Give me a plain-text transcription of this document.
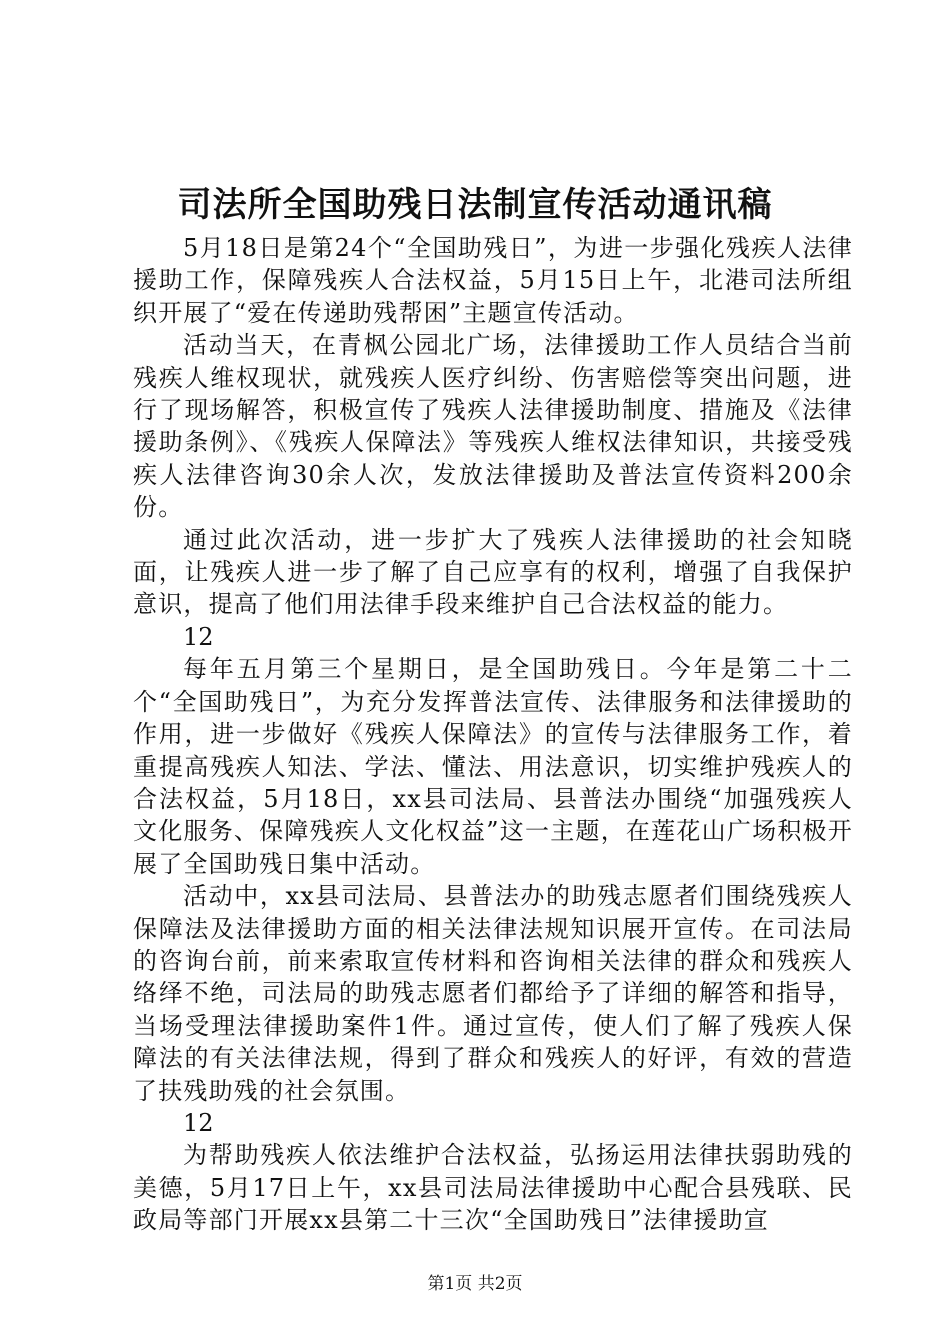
司法所全国助残日法制宣传活动通讯稿

5月18日是第24个“全国助残日”，为进一步强化残疾人法律援助工作，保障残疾人合法权益，5月15日上午，北港司法所组织开展了“爱在传递助残帮困”主题宣传活动。

活动当天，在青枫公园北广场，法律援助工作人员结合当前残疾人维权现状，就残疾人医疗纠纷、伤害赔偿等突出问题，进行了现场解答，积极宣传了残疾人法律援助制度、措施及《法律援助条例》、《残疾人保障法》等残疾人维权法律知识，共接受残疾人法律咨询30余人次，发放法律援助及普法宣传资料200余份。

通过此次活动，进一步扩大了残疾人法律援助的社会知晓面，让残疾人进一步了解了自己应享有的权利，增强了自我保护意识，提高了他们用法律手段来维护自己合法权益的能力。

12

每年五月第三个星期日，是全国助残日。今年是第二十二个“全国助残日”，为充分发挥普法宣传、法律服务和法律援助的作用，进一步做好《残疾人保障法》的宣传与法律服务工作，着重提高残疾人知法、学法、懂法、用法意识，切实维护残疾人的合法权益，5月18日，xx县司法局、县普法办围绕“加强残疾人文化服务、保障残疾人文化权益”这一主题，在莲花山广场积极开展了全国助残日集中活动。

活动中，xx县司法局、县普法办的助残志愿者们围绕残疾人保障法及法律援助方面的相关法律法规知识展开宣传。在司法局的咨询台前，前来索取宣传材料和咨询相关法律的群众和残疾人络绎不绝，司法局的助残志愿者们都给予了详细的解答和指导，当场受理法律援助案件1件。通过宣传，使人们了解了残疾人保障法的有关法律法规，得到了群众和残疾人的好评，有效的营造了扶残助残的社会氛围。

12

为帮助残疾人依法维护合法权益，弘扬运用法律扶弱助残的美德，5月17日上午，xx县司法局法律援助中心配合县残联、民政局等部门开展xx县第二十三次“全国助残日”法律援助宣

第1页 共2页
